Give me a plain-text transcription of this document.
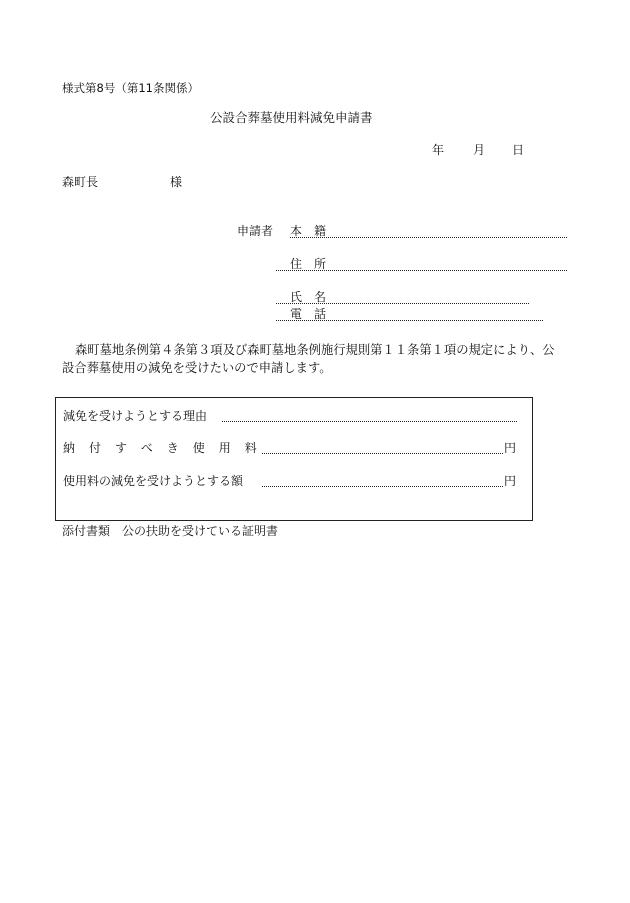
様式第8号（第11条関係）
公設合葬墓使用料減免申請書
年 月 日
森町長	様
申請者 本　籍
住　所
氏　名
電　話
森町墓地条例第４条第３項及び森町墓地条例施行規則第１１条第１項の規定により、公設合葬墓使用の減免を受けたいので申請します。
減免を受けようとする理由
納付すべき使用料	円
使用料の減免を受けようとする額	円
添付書類　公の扶助を受けている証明書
